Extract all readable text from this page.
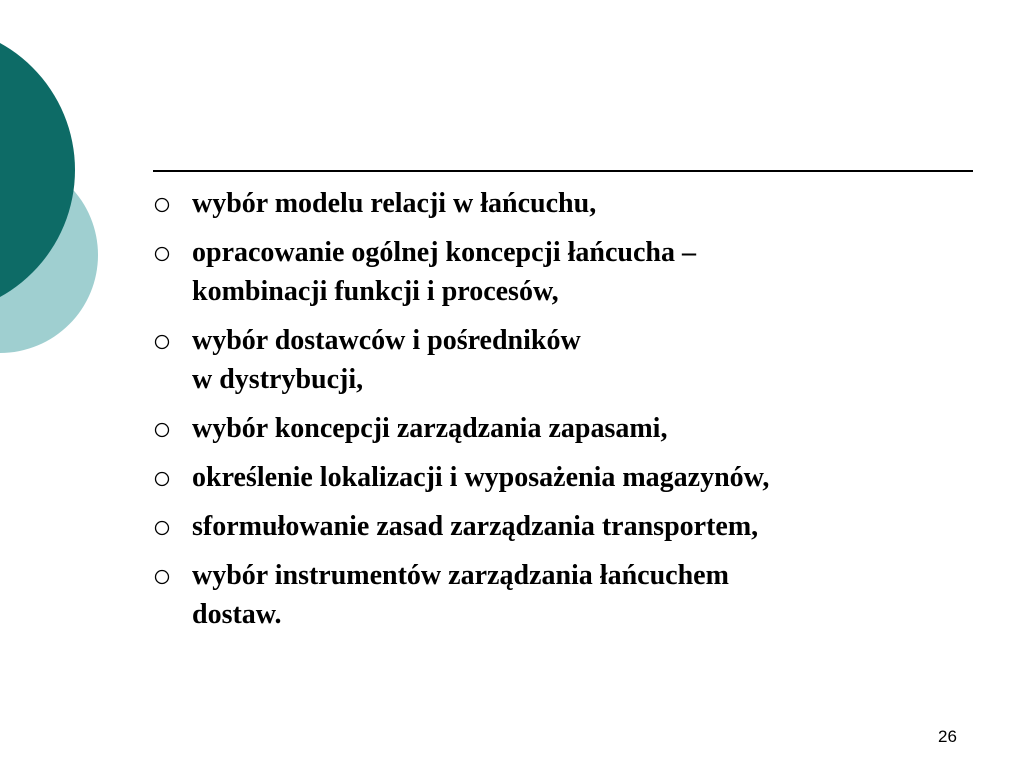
wybór modelu relacji w łańcuchu,
opracowanie ogólnej koncepcji łańcucha –
kombinacji funkcji i procesów,
wybór dostawców i pośredników
w dystrybucji,
wybór koncepcji zarządzania zapasami,
określenie lokalizacji i wyposażenia magazynów,
sformułowanie zasad zarządzania transportem,
wybór instrumentów zarządzania łańcuchem
dostaw.
26
